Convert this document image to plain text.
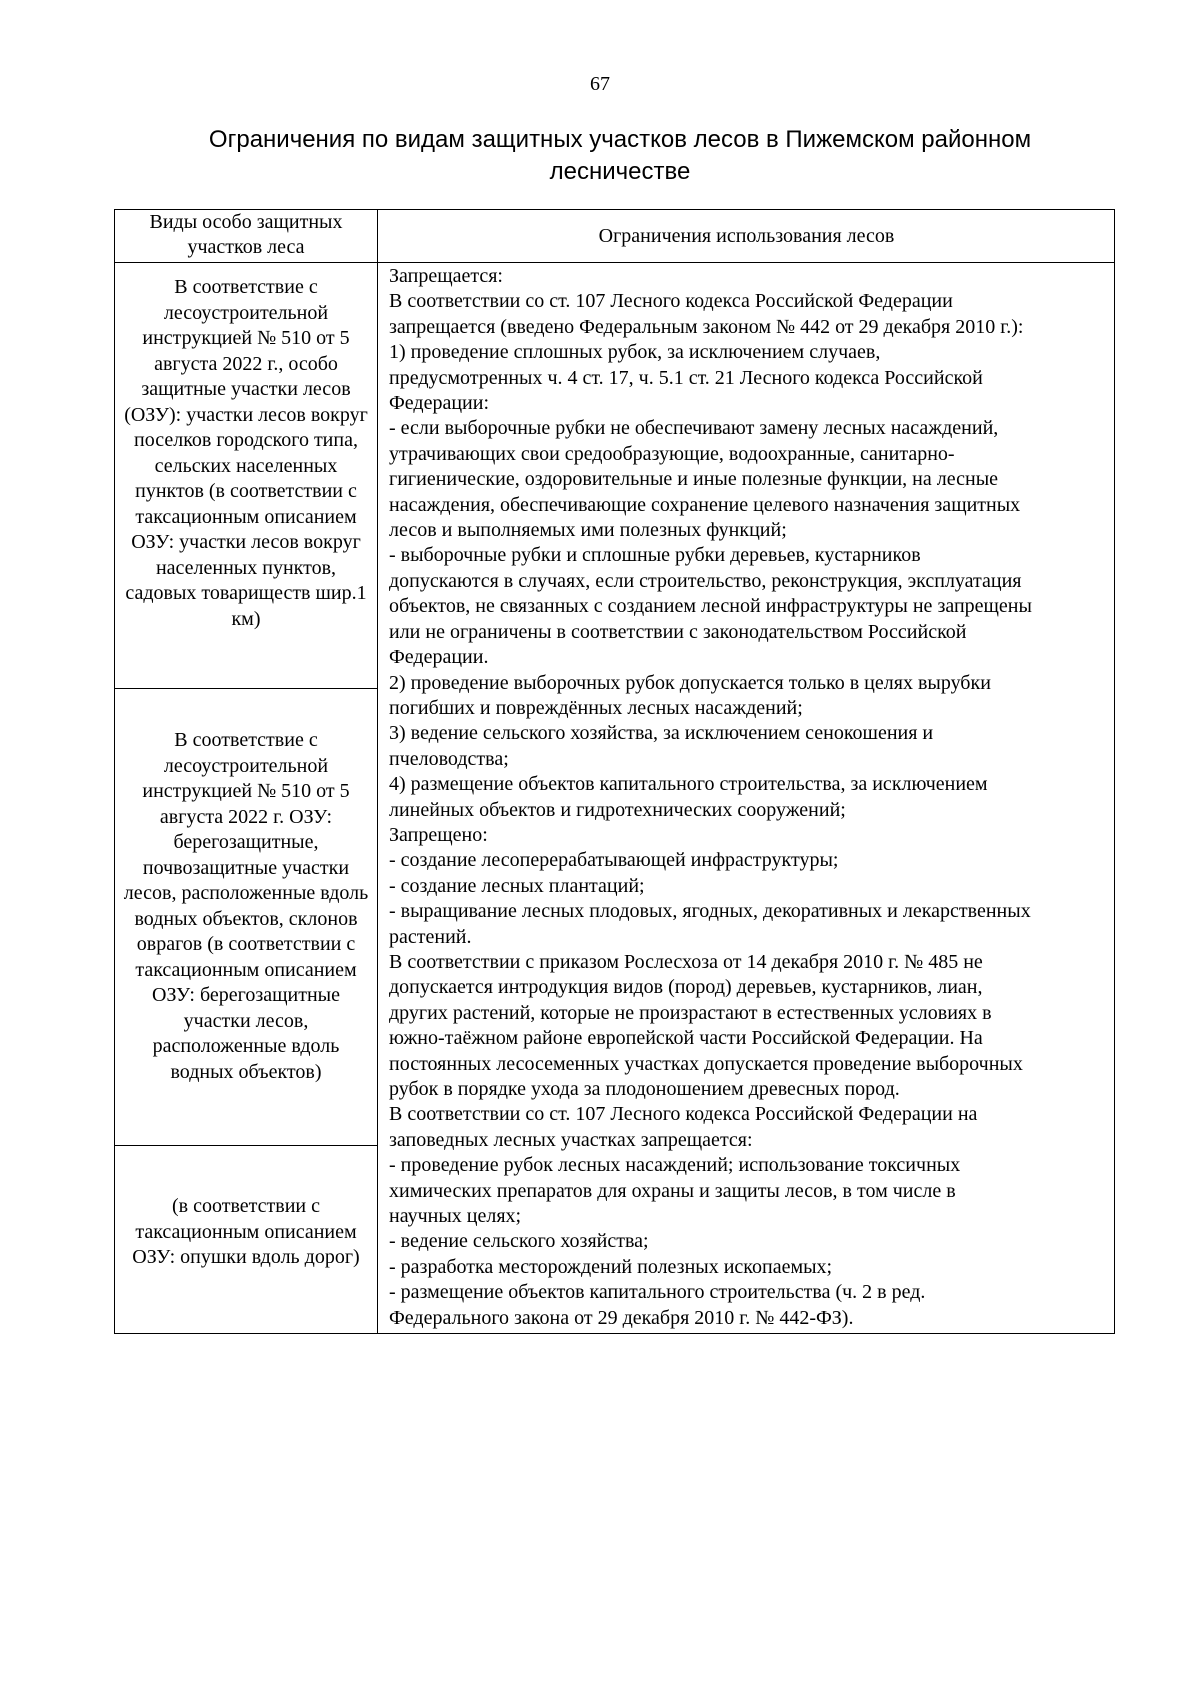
67
Ограничения по видам защитных участков лесов в Пижемском районном лесничестве
Виды особо защитных участков леса	Ограничения использования лесов
В соответствие с лесоустроительной инструкцией № 510 от 5 августа 2022 г., особо защитные участки лесов (ОЗУ): участки лесов вокруг поселков городского типа, сельских населенных пунктов (в соответствии с таксационным описанием ОЗУ: участки лесов вокруг населенных пунктов, садовых товариществ шир.1 км)
В соответствие с лесоустроительной инструкцией № 510 от 5 августа 2022 г. ОЗУ: берегозащитные, почвозащитные участки лесов, расположенные вдоль водных объектов, склонов оврагов (в соответствии с таксационным описанием ОЗУ: берегозащитные участки лесов, расположенные вдоль водных объектов)
(в соответствии с таксационным описанием ОЗУ: опушки вдоль дорог)
Запрещается:
В соответствии со ст. 107 Лесного кодекса Российской Федерации
запрещается (введено Федеральным законом № 442 от 29 декабря 2010 г.):
1) проведение сплошных рубок, за исключением случаев,
предусмотренных ч. 4 ст. 17, ч. 5.1 ст. 21 Лесного кодекса Российской
Федерации:
- если выборочные рубки не обеспечивают замену лесных насаждений,
утрачивающих свои средообразующие, водоохранные, санитарно-
гигиенические, оздоровительные и иные полезные функции, на лесные
насаждения, обеспечивающие сохранение целевого назначения защитных
лесов и выполняемых ими полезных функций;
- выборочные рубки и сплошные рубки деревьев, кустарников
допускаются в случаях, если строительство, реконструкция, эксплуатация
объектов, не связанных с созданием лесной инфраструктуры не запрещены
или не ограничены в соответствии с законодательством Российской
Федерации.
2) проведение выборочных рубок допускается только в целях вырубки
погибших и повреждённых лесных насаждений;
3) ведение сельского хозяйства, за исключением сенокошения и
пчеловодства;
4) размещение объектов капитального строительства, за исключением
линейных объектов и гидротехнических сооружений;
Запрещено:
- создание лесоперерабатывающей инфраструктуры;
- создание лесных плантаций;
- выращивание лесных плодовых, ягодных, декоративных и лекарственных
растений.
В соответствии с приказом Рослесхоза от 14 декабря 2010 г. № 485 не
допускается интродукция видов (пород) деревьев, кустарников, лиан,
других растений, которые не произрастают в естественных условиях в
южно-таёжном районе европейской части Российской Федерации. На
постоянных лесосеменных участках допускается проведение выборочных
рубок в порядке ухода за плодоношением древесных пород.
В соответствии со ст. 107 Лесного кодекса Российской Федерации на
заповедных лесных участках запрещается:
- проведение рубок лесных насаждений; использование токсичных
химических препаратов для охраны и защиты лесов, в том числе в
научных целях;
- ведение сельского хозяйства;
- разработка месторождений полезных ископаемых;
- размещение объектов капитального строительства (ч. 2 в ред.
Федерального закона от 29 декабря 2010 г. № 442-ФЗ).
